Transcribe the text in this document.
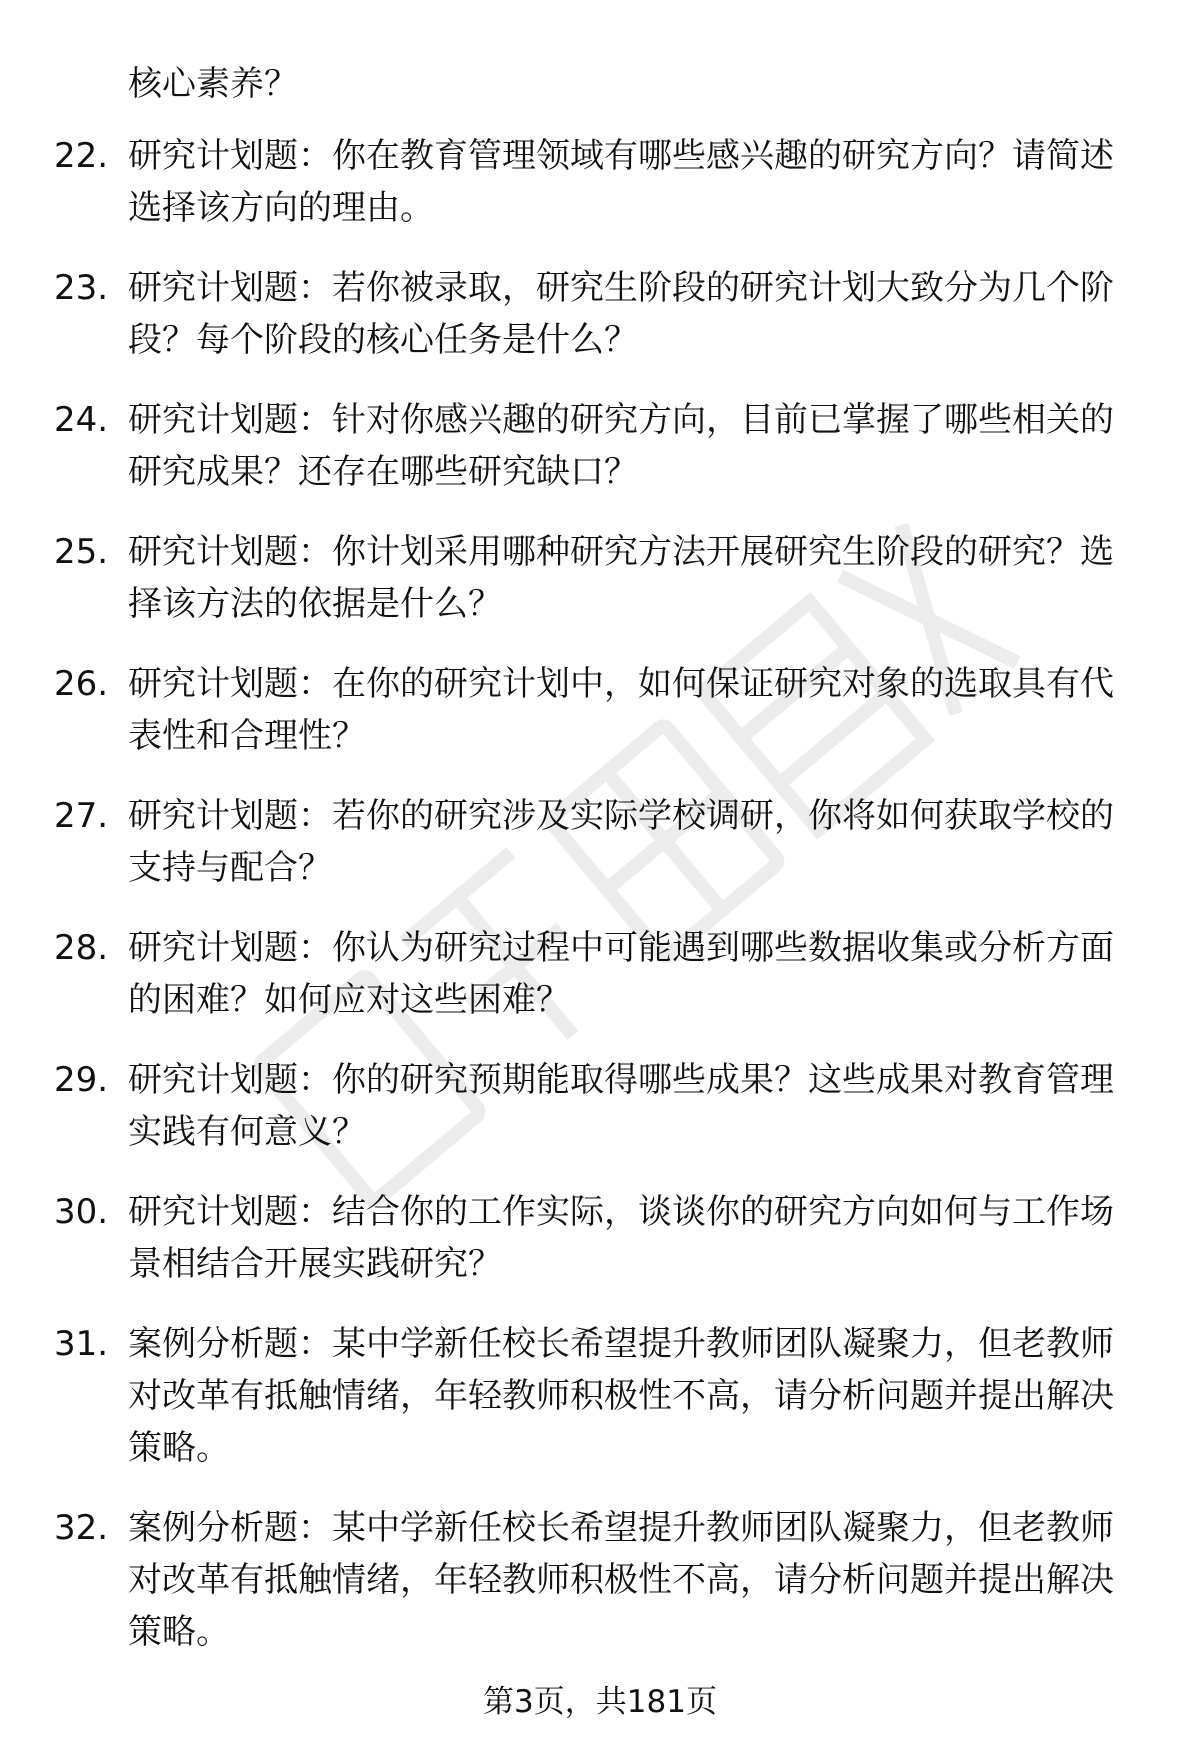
核心素养？
22. 研究计划题：你在教育管理领域有哪些感兴趣的研究方向？请简述选择该方向的理由。
23. 研究计划题：若你被录取，研究生阶段的研究计划大致分为几个阶段？每个阶段的核心任务是什么？
24. 研究计划题：针对你感兴趣的研究方向，目前已掌握了哪些相关的研究成果？还存在哪些研究缺口？
25. 研究计划题：你计划采用哪种研究方法开展研究生阶段的研究？选择该方法的依据是什么？
26. 研究计划题：在你的研究计划中，如何保证研究对象的选取具有代表性和合理性？
27. 研究计划题：若你的研究涉及实际学校调研，你将如何获取学校的支持与配合？
28. 研究计划题：你认为研究过程中可能遇到哪些数据收集或分析方面的困难？如何应对这些困难？
29. 研究计划题：你的研究预期能取得哪些成果？这些成果对教育管理实践有何意义？
30. 研究计划题：结合你的工作实际，谈谈你的研究方向如何与工作场景相结合开展实践研究？
31. 案例分析题：某中学新任校长希望提升教师团队凝聚力，但老教师对改革有抵触情绪，年轻教师积极性不高，请分析问题并提出解决策略。
32. 案例分析题：某中学新任校长希望提升教师团队凝聚力，但老教师对改革有抵触情绪，年轻教师积极性不高，请分析问题并提出解决策略。
第3页，共181页
